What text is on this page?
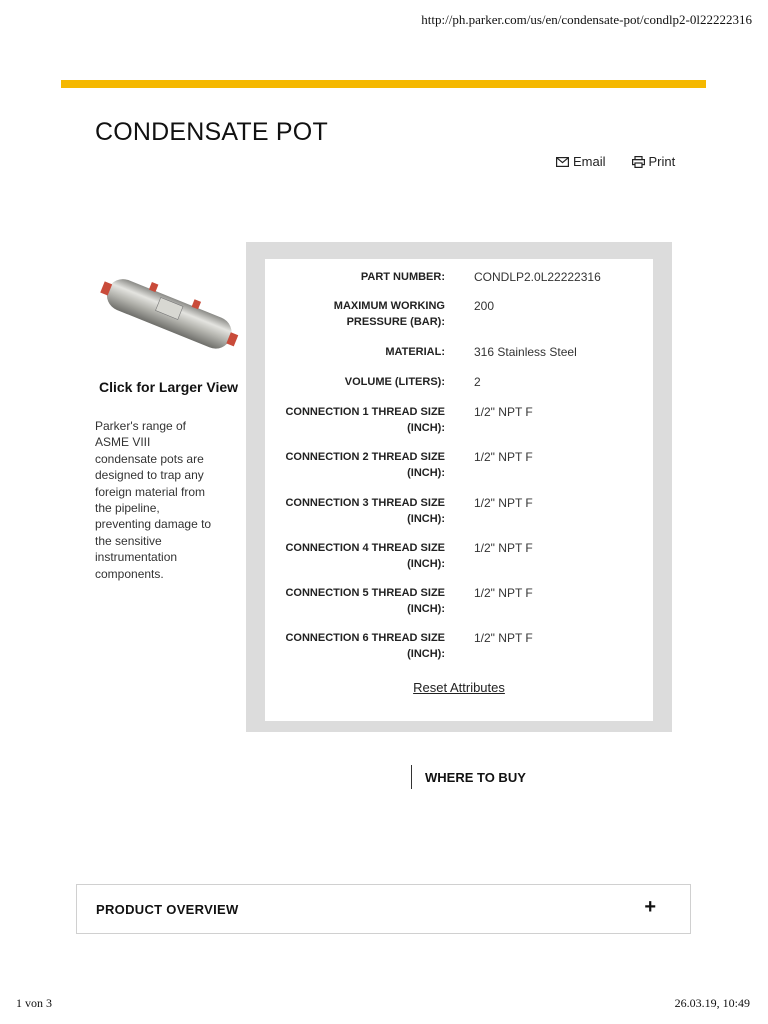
http://ph.parker.com/us/en/condensate-pot/condlp2-0l22222316
CONDENSATE POT
Email	Print
Click for Larger View

Parker's range of ASME VIII condensate pots are designed to trap any foreign material from the pipeline, preventing damage to the sensitive instrumentation components.

PART NUMBER: CONDLP2.0L22222316
MAXIMUM WORKING PRESSURE (BAR):
200
MATERIAL: 316 Stainless Steel
VOLUME (LITERS): 2
CONNECTION 1 THREAD SIZE (INCH):
1/2" NPT F
CONNECTION 2 THREAD SIZE (INCH):
1/2" NPT F
CONNECTION 3 THREAD SIZE (INCH):
1/2" NPT F
CONNECTION 4 THREAD SIZE (INCH):
1/2" NPT F
CONNECTION 5 THREAD SIZE (INCH):
1/2" NPT F
CONNECTION 6 THREAD SIZE (INCH):
1/2" NPT F
Reset Attributes
WHERE TO BUY
PRODUCT OVERVIEW	+
1 von 3	26.03.19, 10:49
